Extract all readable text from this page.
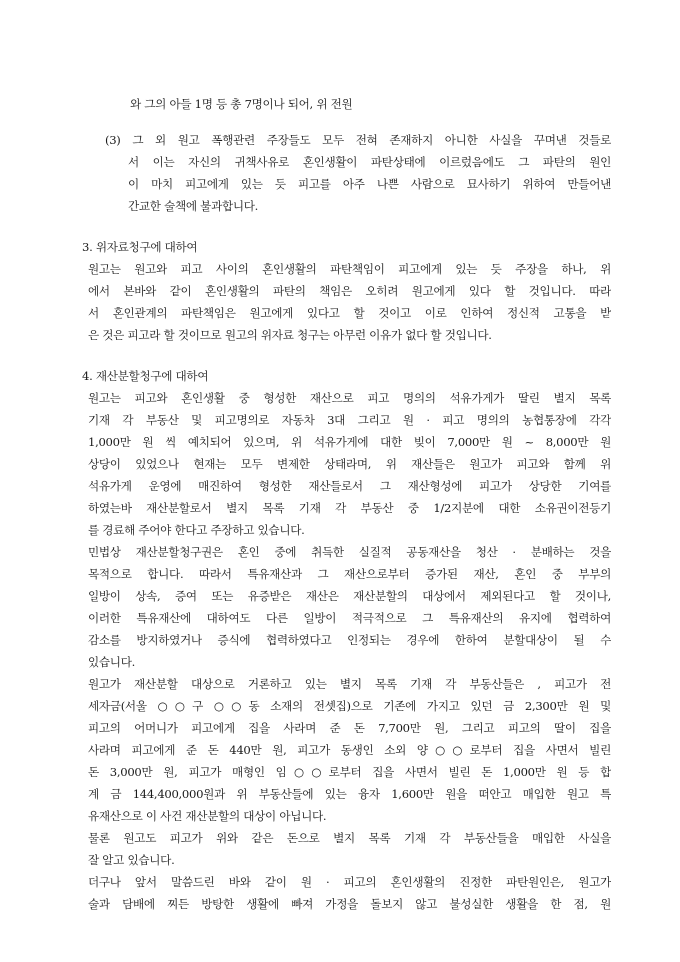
와 그의 아들 1명 등 총 7명이나 되어, 위 전원
(3) 그 외 원고 폭행관련 주장들도 모두 전혀 존재하지 아니한 사실을 꾸며낸 것들로
서 이는 자신의 귀책사유로 혼인생활이 파탄상태에 이르렀음에도 그 파탄의 원인
이 마치 피고에게 있는 듯 피고를 아주 나쁜 사람으로 묘사하기 위하여 만들어낸
간교한 술책에 불과합니다.
3. 위자료청구에 대하여
원고는 원고와 피고 사이의 혼인생활의 파탄책임이 피고에게 있는 듯 주장을 하나, 위
에서 본바와 같이 혼인생활의 파탄의 책임은 오히려 원고에게 있다 할 것입니다. 따라
서 혼인관계의 파탄책임은 원고에게 있다고 할 것이고 이로 인하여 정신적 고통을 받
은 것은 피고라 할 것이므로 원고의 위자료 청구는 아무런 이유가 없다 할 것입니다.
4. 재산분할청구에 대하여
원고는 피고와 혼인생활 중 형성한 재산으로 피고 명의의 석유가게가 딸린 별지 목록
기재 각 부동산 및 피고명의로 자동차 3대 그리고 원 · 피고 명의의 농협통장에 각각
1,000만 원 씩 예치되어 있으며, 위 석유가게에 대한 빚이 7,000만 원 ~ 8,000만 원
상당이 있었으나 현재는 모두 변제한 상태라며, 위 재산들은 원고가 피고와 함께 위
석유가게 운영에 매진하여 형성한 재산들로서 그 재산형성에 피고가 상당한 기여를
하였는바 재산분할로서 별지 목록 기재 각 부동산 중 1/2지분에 대한 소유권이전등기
를 경료해 주어야 한다고 주장하고 있습니다.
민법상 재산분할청구권은 혼인 중에 취득한 실질적 공동재산을 청산 · 분배하는 것을
목적으로 합니다. 따라서 특유재산과 그 재산으로부터 증가된 재산, 혼인 중 부부의
일방이 상속, 증여 또는 유증받은 재산은 재산분할의 대상에서 제외된다고 할 것이나,
이러한 특유재산에 대하여도 다른 일방이 적극적으로 그 특유재산의 유지에 협력하여
감소를 방지하였거나 증식에 협력하였다고 인정되는 경우에 한하여 분할대상이 될 수
있습니다.
원고가 재산분할 대상으로 거론하고 있는 별지 목록 기재 각 부동산들은 , 피고가 전
세자금(서울 ○○구 ○○동 소재의 전셋집)으로 기존에 가지고 있던 금 2,300만 원 및
피고의 어머니가 피고에게 집을 사라며 준 돈 7,700만 원, 그리고 피고의 딸이 집을
사라며 피고에게 준 돈 440만 원, 피고가 동생인 소외 양○○로부터 집을 사면서 빌린
돈 3,000만 원, 피고가 매형인 임○○로부터 집을 사면서 빌린 돈 1,000만 원 등 합
계 금 144,400,000원과 위 부동산들에 있는 융자 1,600만 원을 떠안고 매입한 원고 특
유재산으로 이 사건 재산분할의 대상이 아닙니다.
물론 원고도 피고가 위와 같은 돈으로 별지 목록 기재 각 부동산들을 매입한 사실을
잘 알고 있습니다.
더구나 앞서 말씀드린 바와 같이 원 · 피고의 혼인생활의 진정한 파탄원인은, 원고가
술과 담배에 찌든 방탕한 생활에 빠져 가정을 돌보지 않고 불성실한 생활을 한 점, 원
